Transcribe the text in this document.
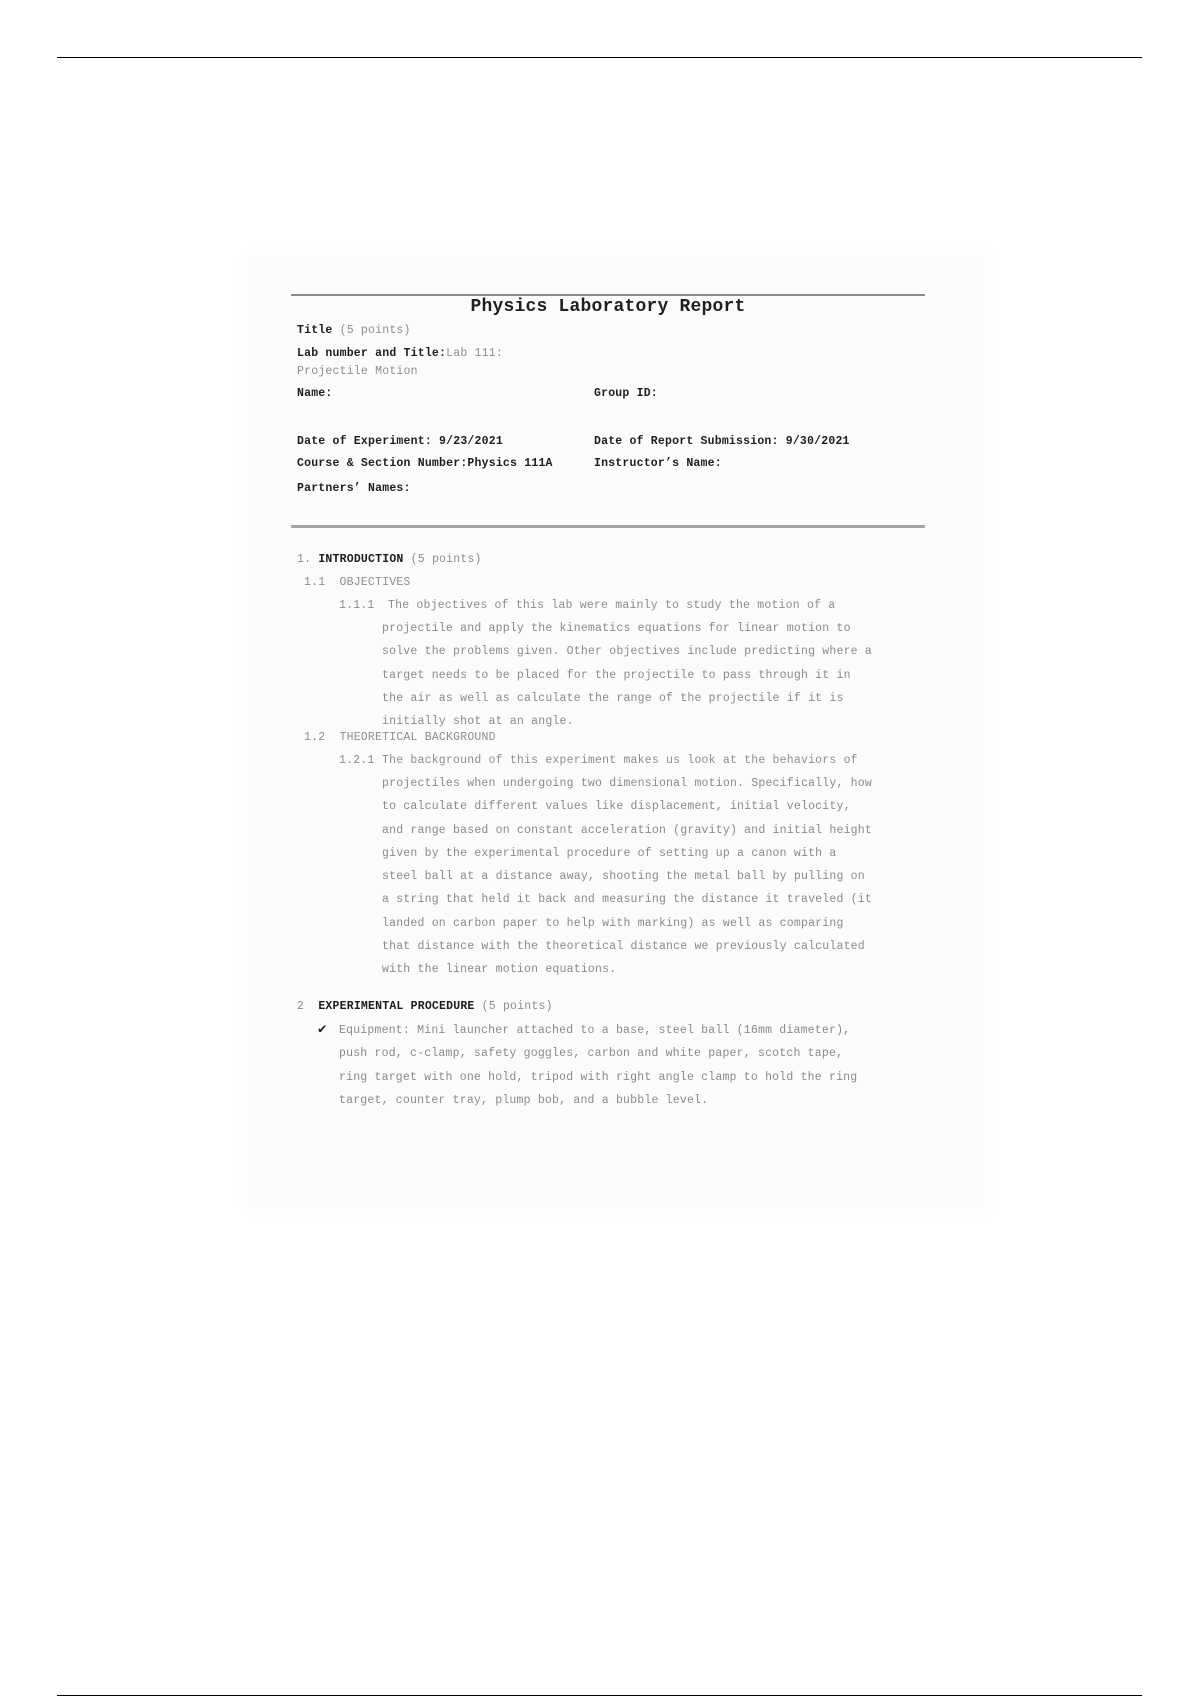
Physics Laboratory Report
Title (5 points)
Lab number and Title:Lab 111:
Projectile Motion
Name:	Group ID:
Date of Experiment: 9/23/2021	Date of Report Submission: 9/30/2021
Course & Section Number:Physics 111A	Instructor’s Name:
Partners’ Names:
1. INTRODUCTION (5 points)
1.1  OBJECTIVES
1.1.1 The objectives of this lab were mainly to study the motion of a
projectile and apply the kinematics equations for linear motion to
solve the problems given. Other objectives include predicting where a
target needs to be placed for the projectile to pass through it in
the air as well as calculate the range of the projectile if it is
initially shot at an angle.
1.2  THEORETICAL BACKGROUND
1.2.1 The background of this experiment makes us look at the behaviors of
projectiles when undergoing two dimensional motion. Specifically, how
to calculate different values like displacement, initial velocity,
and range based on constant acceleration (gravity) and initial height
given by the experimental procedure of setting up a canon with a
steel ball at a distance away, shooting the metal ball by pulling on
a string that held it back and measuring the distance it traveled (it
landed on carbon paper to help with marking) as well as comparing
that distance with the theoretical distance we previously calculated
with the linear motion equations.
2 EXPERIMENTAL PROCEDURE (5 points)
✔ Equipment: Mini launcher attached to a base, steel ball (16mm diameter),
push rod, c-clamp, safety goggles, carbon and white paper, scotch tape,
ring target with one hold, tripod with right angle clamp to hold the ring
target, counter tray, plump bob, and a bubble level.
